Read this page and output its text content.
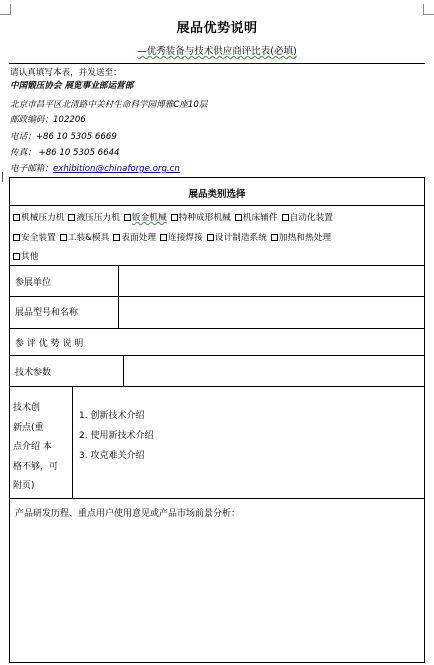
展品优势说明
—优秀装备与技术供应商评比表(必填)
请认真填写本表，并发送至：
中国锻压协会 展览事业部运营部
北京市昌平区北清路中关村生命科学园博雅C座10层
邮政编码：102206
电话：+86 10 5305 6669
传真： +86 10 5305 6644
电子邮箱：exhibition@chinaforge.org.cn
展品类别选择
机械压力机 液压压力机 钣金机械 特种成形机械 机床辅件 自动化装置
安全装置 工装&模具 表面处理 连接焊接 设计制造系统 加热和热处理
其他
参展单位
展品型号和名称
参 评 优 势 说 明
技术参数
技术创
新点(重
点介绍 本
格不够，可
附页)
1. 创新技术介绍
2. 使用新技术介绍
3. 攻克难关介绍
产品研发历程、重点用户使用意见或产品市场前景分析：
